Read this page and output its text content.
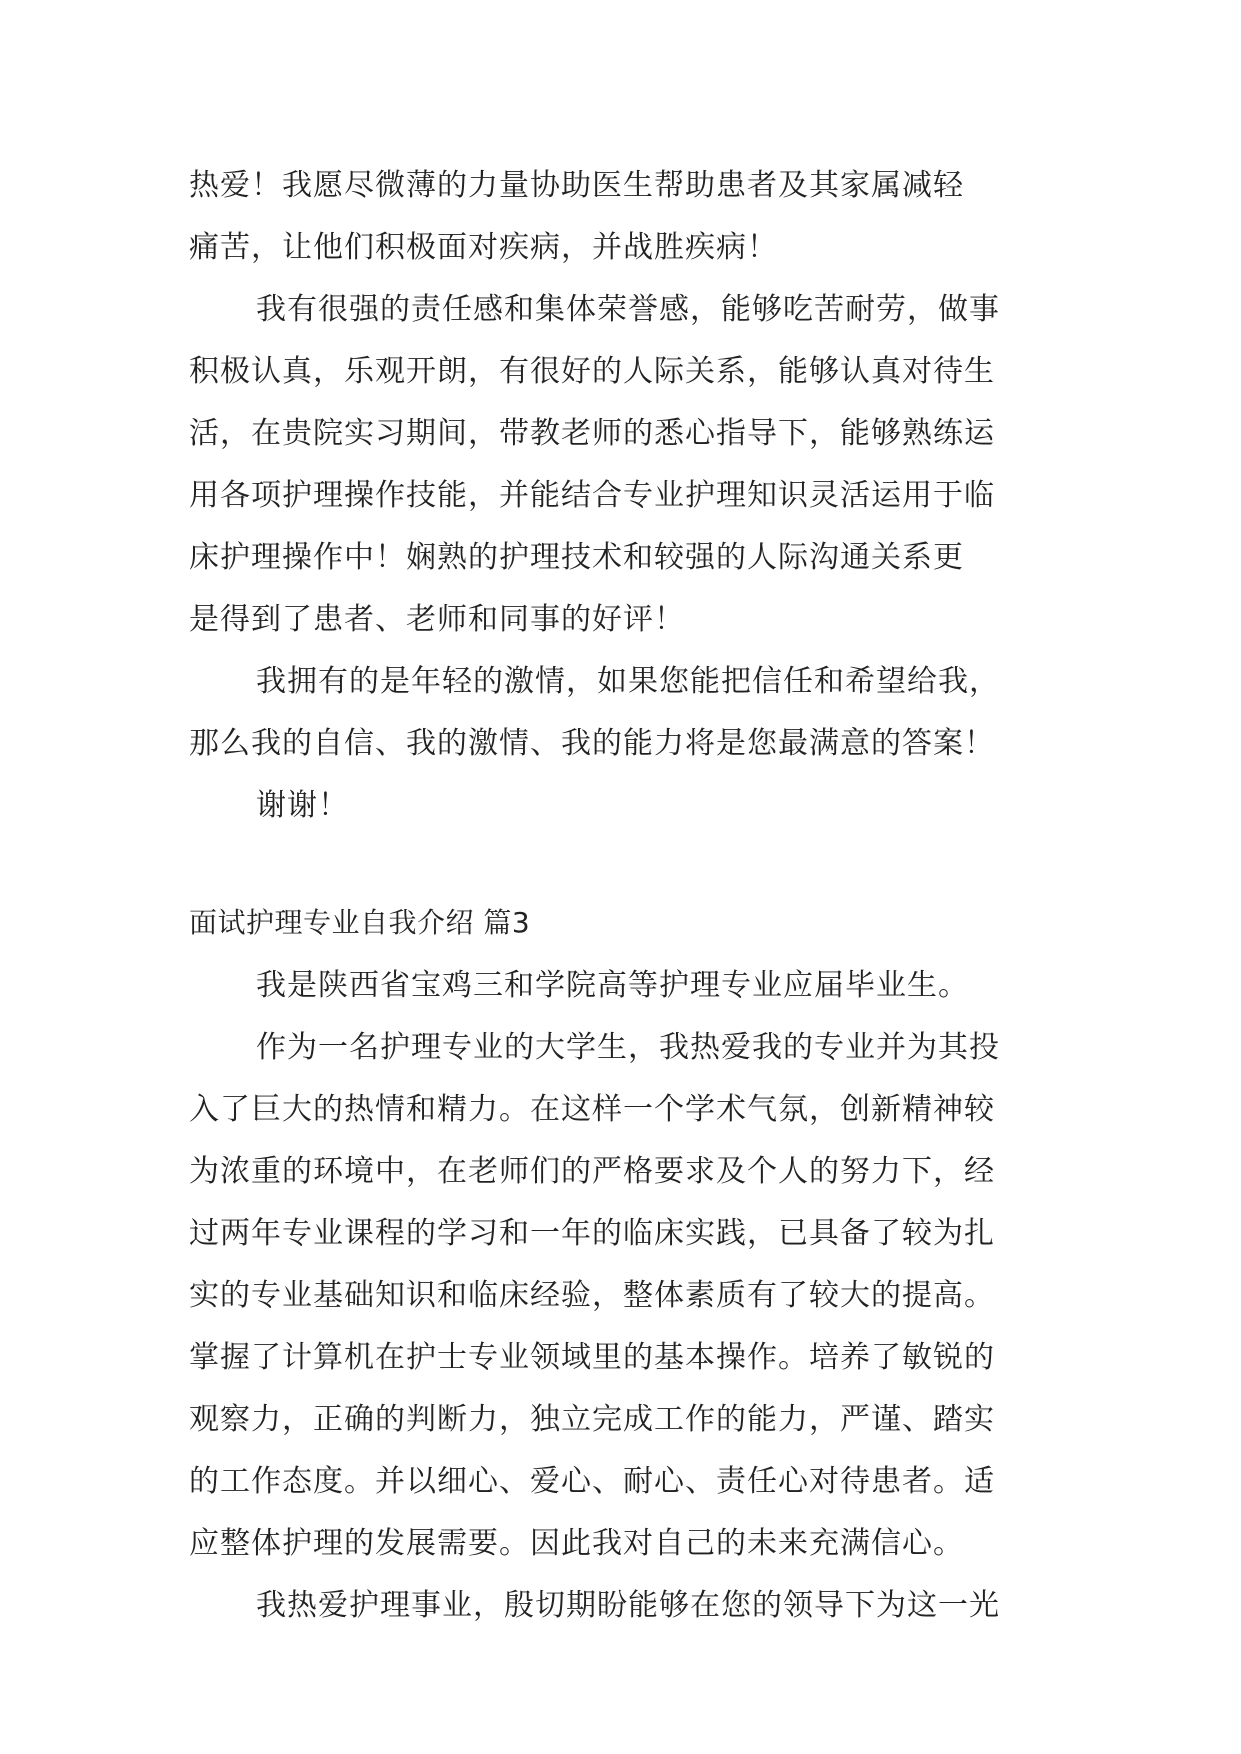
热爱！我愿尽微薄的力量协助医生帮助患者及其家属减轻
痛苦，让他们积极面对疾病，并战胜疾病！
我有很强的责任感和集体荣誉感，能够吃苦耐劳，做事
积极认真，乐观开朗，有很好的人际关系，能够认真对待生
活，在贵院实习期间，带教老师的悉心指导下，能够熟练运
用各项护理操作技能，并能结合专业护理知识灵活运用于临
床护理操作中！娴熟的护理技术和较强的人际沟通关系更
是得到了患者、老师和同事的好评！
我拥有的是年轻的激情，如果您能把信任和希望给我，
那么我的自信、我的激情、我的能力将是您最满意的答案！
谢谢！
面试护理专业自我介绍 篇3
我是陕西省宝鸡三和学院高等护理专业应届毕业生。
作为一名护理专业的大学生，我热爱我的专业并为其投
入了巨大的热情和精力。在这样一个学术气氛，创新精神较
为浓重的环境中，在老师们的严格要求及个人的努力下，经
过两年专业课程的学习和一年的临床实践，已具备了较为扎
实的专业基础知识和临床经验，整体素质有了较大的提高。
掌握了计算机在护士专业领域里的基本操作。培养了敏锐的
观察力，正确的判断力，独立完成工作的能力，严谨、踏实
的工作态度。并以细心、爱心、耐心、责任心对待患者。适
应整体护理的发展需要。因此我对自己的未来充满信心。
我热爱护理事业，殷切期盼能够在您的领导下为这一光
